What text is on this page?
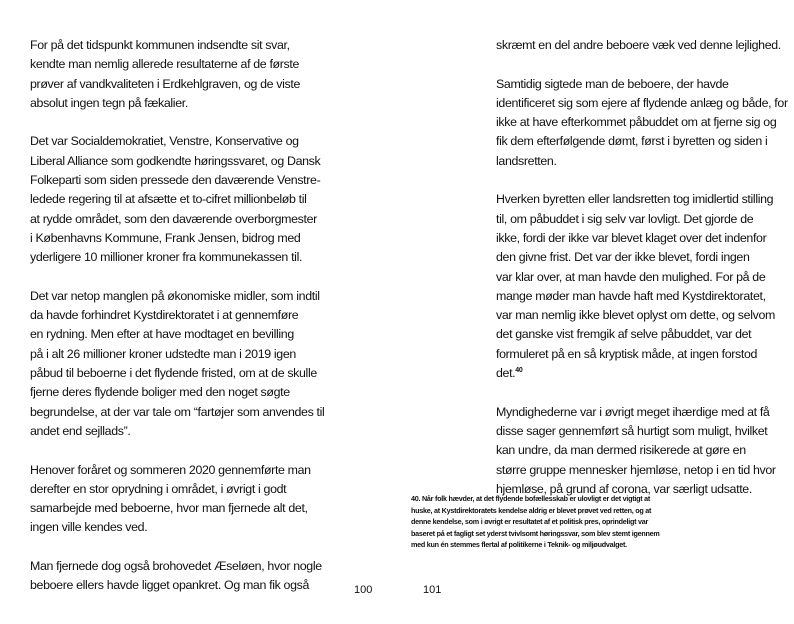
For på det tidspunkt kommunen indsendte sit svar,
kendte man nemlig allerede resultaterne af de første
prøver af vandkvaliteten i Erdkehlgraven, og de viste
absolut ingen tegn på fækalier.
Det var Socialdemokratiet, Venstre, Konservative og
Liberal Alliance som godkendte høringssvaret, og Dansk
Folkeparti som siden pressede den daværende Venstre-
ledede regering til at afsætte et to-cifret millionbeløb til
at rydde området, som den daværende overborgmester
i Københavns Kommune, Frank Jensen, bidrog med
yderligere 10 millioner kroner fra kommunekassen til.
Det var netop manglen på økonomiske midler, som indtil
da havde forhindret Kystdirektoratet i at gennemføre
en rydning. Men efter at have modtaget en bevilling
på i alt 26 millioner kroner udstedte man i 2019 igen
påbud til beboerne i det flydende fristed, om at de skulle
fjerne deres flydende boliger med den noget søgte
begrundelse, at der var tale om “fartøjer som anvendes til
andet end sejllads”.
Henover foråret og sommeren 2020 gennemførte man
derefter en stor oprydning i området, i øvrigt i godt
samarbejde med beboerne, hvor man fjernede alt det,
ingen ville kendes ved.
Man fjernede dog også brohovedet Æseløen, hvor nogle
beboere ellers havde ligget opankret. Og man fik også	100
skræmt en del andre beboere væk ved denne lejlighed.
Samtidig sigtede man de beboere, der havde
identificeret sig som ejere af flydende anlæg og både, for
ikke at have efterkommet påbuddet om at fjerne sig og
fik dem efterfølgende dømt, først i byretten og siden i
landsretten.
Hverken byretten eller landsretten tog imidlertid stilling
til, om påbuddet i sig selv var lovligt. Det gjorde de
ikke, fordi der ikke var blevet klaget over det indenfor
den givne frist. Det var der ikke blevet, fordi ingen
var klar over, at man havde den mulighed. For på de
mange møder man havde haft med Kystdirektoratet,
var man nemlig ikke blevet oplyst om dette, og selvom
det ganske vist fremgik af selve påbuddet, var det
formuleret på en så kryptisk måde, at ingen forstod
det.$^{40}$
Myndighederne var i øvrigt meget ihærdige med at få
disse sager gennemført så hurtigt som muligt, hvilket
kan undre, da man dermed risikerede at gøre en
større gruppe mennesker hjemløse, netop i en tid hvor
hjemløse, på grund af corona, var særligt udsatte.
40. Når folk hævder, at det flydende bofællesskab er ulovligt er det vigtigt at
huske, at Kystdirektoratets kendelse aldrig er blevet prøvet ved retten, og at
denne kendelse, som i øvrigt er resultatet af et politisk pres, oprindeligt var
baseret på et fagligt set yderst tvivlsomt høringssvar, som blev stemt igennem
med kun én stemmes flertal af politikerne i Teknik- og miljøudvalget.
101
